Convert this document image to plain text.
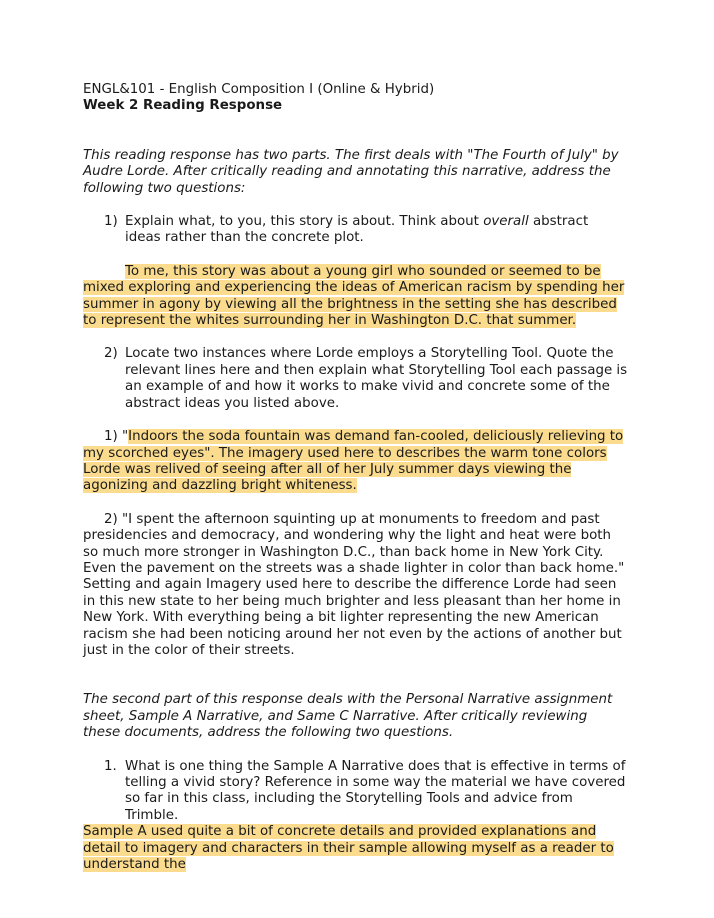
ENGL&101 - English Composition I (Online & Hybrid)
Week 2 Reading Response
This reading response has two parts. The first deals with "The Fourth of July" by Audre Lorde. After critically reading and annotating this narrative, address the following two questions:
1) Explain what, to you, this story is about. Think about overall abstract ideas rather than the concrete plot.
To me, this story was about a young girl who sounded or seemed to be mixed exploring and experiencing the ideas of American racism by spending her summer in agony by viewing all the brightness in the setting she has described to represent the whites surrounding her in Washington D.C. that summer.
2) Locate two instances where Lorde employs a Storytelling Tool. Quote the relevant lines here and then explain what Storytelling Tool each passage is an example of and how it works to make vivid and concrete some of the abstract ideas you listed above.
1) "Indoors the soda fountain was demand fan-cooled, deliciously relieving to my scorched eyes". The imagery used here to describes the warm tone colors Lorde was relived of seeing after all of her July summer days viewing the agonizing and dazzling bright whiteness.
2) "I spent the afternoon squinting up at monuments to freedom and past presidencies and democracy, and wondering why the light and heat were both so much more stronger in Washington D.C., than back home in New York City. Even the pavement on the streets was a shade lighter in color than back home."
Setting and again Imagery used here to describe the difference Lorde had seen in this new state to her being much brighter and less pleasant than her home in New York. With everything being a bit lighter representing the new American racism she had been noticing around her not even by the actions of another but just in the color of their streets.
The second part of this response deals with the Personal Narrative assignment sheet, Sample A Narrative, and Same C Narrative. After critically reviewing these documents, address the following two questions.
1. What is one thing the Sample A Narrative does that is effective in terms of telling a vivid story? Reference in some way the material we have covered so far in this class, including the Storytelling Tools and advice from Trimble.
Sample A used quite a bit of concrete details and provided explanations and detail to imagery and characters in their sample allowing myself as a reader to understand the
